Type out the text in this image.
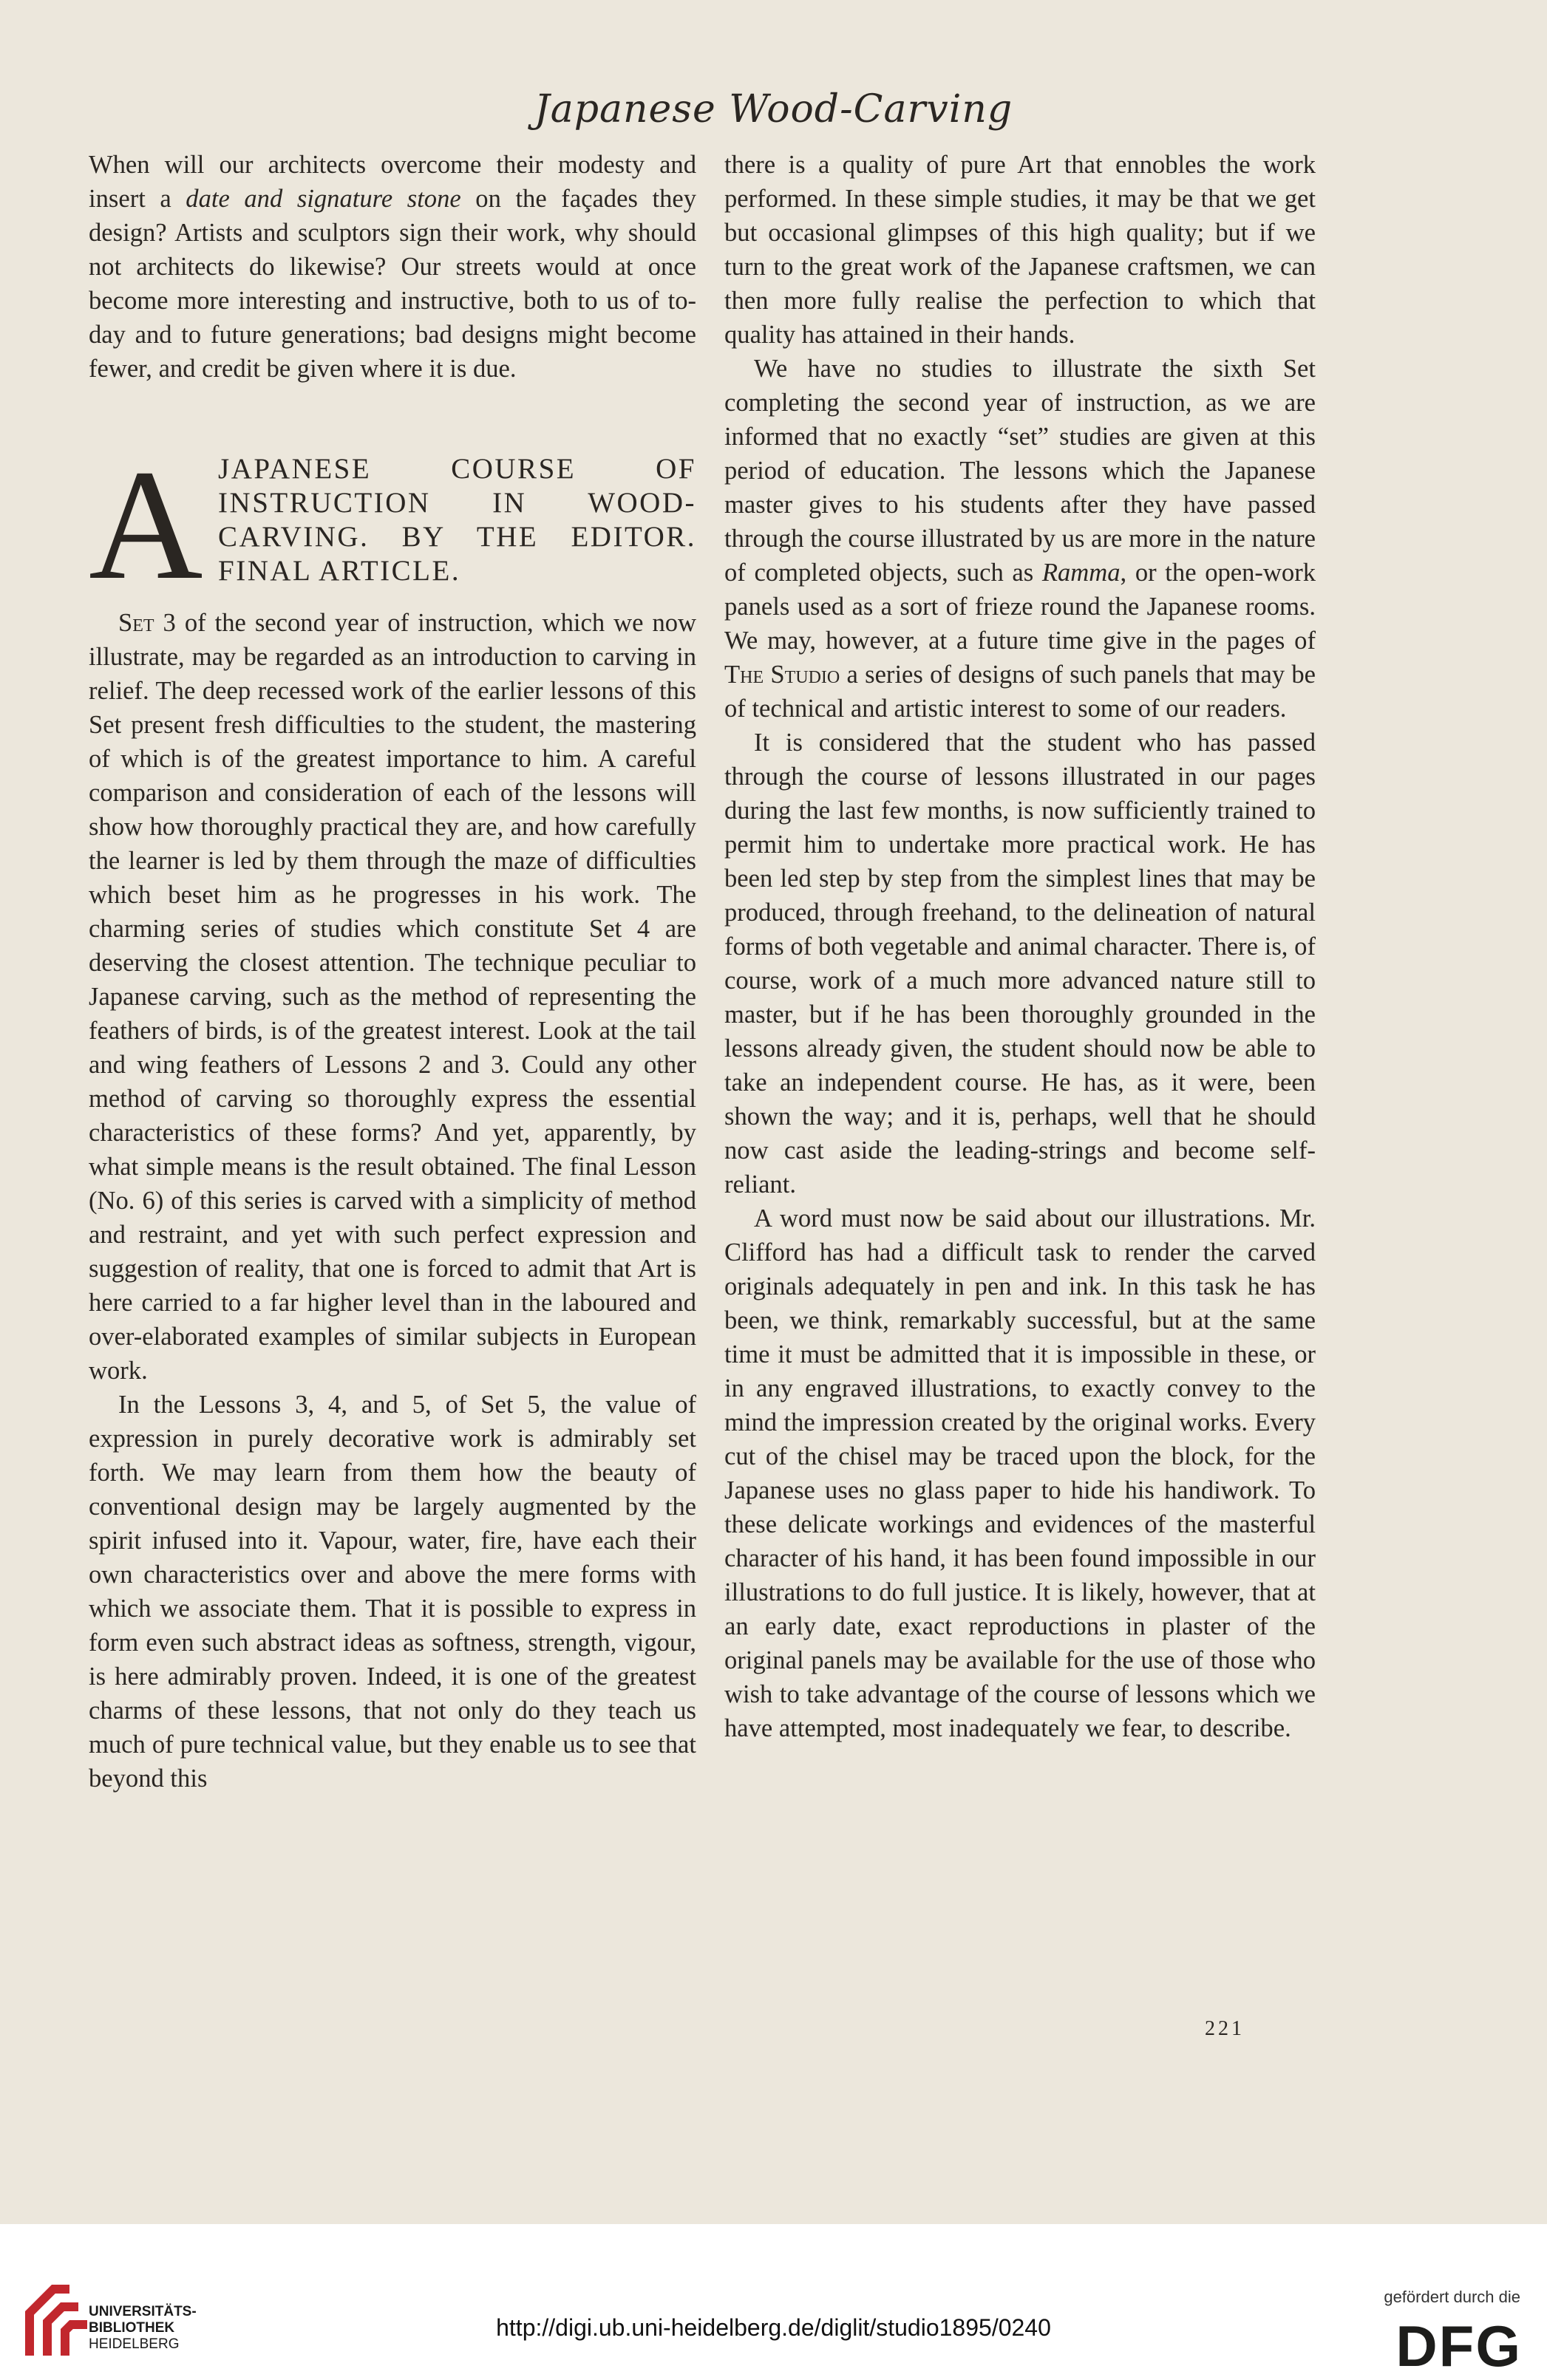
Japanese Wood-Carving

When will our architects overcome their modesty and insert a date and signature stone on the façades they design? Artists and sculptors sign their work, why should not architects do likewise? Our streets would at once become more interesting and instructive, both to us of to-day and to future generations; bad designs might become fewer, and credit be given where it is due.

AJAPANESE COURSE OF INSTRUCTION IN WOOD-CARVING. BY THE EDITOR. FINAL ARTICLE.

Set 3 of the second year of instruction, which we now illustrate, may be regarded as an introduction to carving in relief. The deep recessed work of the earlier lessons of this Set present fresh difficulties to the student, the mastering of which is of the greatest importance to him. A careful comparison and consideration of each of the lessons will show how thoroughly practical they are, and how carefully the learner is led by them through the maze of difficulties which beset him as he progresses in his work. The charming series of studies which constitute Set 4 are deserving the closest attention. The technique peculiar to Japanese carving, such as the method of representing the feathers of birds, is of the greatest interest. Look at the tail and wing feathers of Lessons 2 and 3. Could any other method of carving so thoroughly express the essential characteristics of these forms? And yet, apparently, by what simple means is the result obtained. The final Lesson (No. 6) of this series is carved with a simplicity of method and restraint, and yet with such perfect expression and suggestion of reality, that one is forced to admit that Art is here carried to a far higher level than in the laboured and over-elaborated examples of similar subjects in European work.

In the Lessons 3, 4, and 5, of Set 5, the value of expression in purely decorative work is admirably set forth. We may learn from them how the beauty of conventional design may be largely augmented by the spirit infused into it. Vapour, water, fire, have each their own characteristics over and above the mere forms with which we associate them. That it is possible to express in form even such abstract ideas as softness, strength, vigour, is here admirably proven. Indeed, it is one of the greatest charms of these lessons, that not only do they teach us much of pure technical value, but they enable us to see that beyond this

there is a quality of pure Art that ennobles the work performed. In these simple studies, it may be that we get but occasional glimpses of this high quality; but if we turn to the great work of the Japanese craftsmen, we can then more fully realise the perfection to which that quality has attained in their hands.

We have no studies to illustrate the sixth Set completing the second year of instruction, as we are informed that no exactly “set” studies are given at this period of education. The lessons which the Japanese master gives to his students after they have passed through the course illustrated by us are more in the nature of completed objects, such as Ramma, or the open-work panels used as a sort of frieze round the Japanese rooms. We may, however, at a future time give in the pages of The Studio a series of designs of such panels that may be of technical and artistic interest to some of our readers.

It is considered that the student who has passed through the course of lessons illustrated in our pages during the last few months, is now sufficiently trained to permit him to undertake more practical work. He has been led step by step from the simplest lines that may be produced, through freehand, to the delineation of natural forms of both vegetable and animal character. There is, of course, work of a much more advanced nature still to master, but if he has been thoroughly grounded in the lessons already given, the student should now be able to take an independent course. He has, as it were, been shown the way; and it is, perhaps, well that he should now cast aside the leading-strings and become self-reliant.

A word must now be said about our illustrations. Mr. Clifford has had a difficult task to render the carved originals adequately in pen and ink. In this task he has been, we think, remarkably successful, but at the same time it must be admitted that it is impossible in these, or in any engraved illustrations, to exactly convey to the mind the impression created by the original works. Every cut of the chisel may be traced upon the block, for the Japanese uses no glass paper to hide his handiwork. To these delicate workings and evidences of the masterful character of his hand, it has been found impossible in our illustrations to do full justice. It is likely, however, that at an early date, exact reproductions in plaster of the original panels may be available for the use of those who wish to take advantage of the course of lessons which we have attempted, most inadequately we fear, to describe.

221
UNIVERSITÄTS-
BIBLIOTHEK
HEIDELBERG
http://digi.ub.uni-heidelberg.de/diglit/studio1895/0240
gefördert durch die
DFG
